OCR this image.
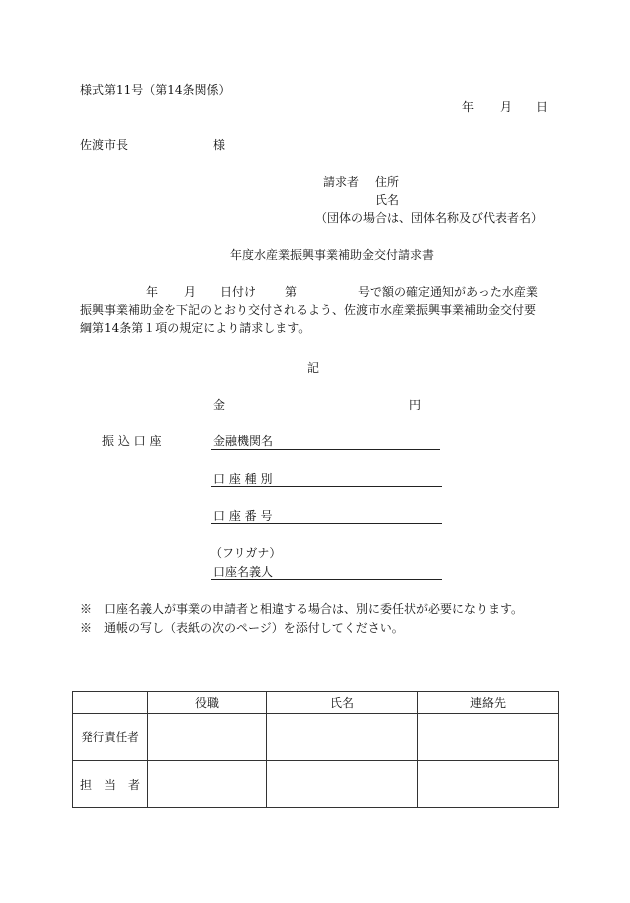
様式第11号（第14条関係）
年 月 日
佐渡市長	様
請求者 住所
氏名
（団体の場合は、団体名称及び代表者名）
年度水産業振興事業補助金交付請求書
年 月 日付け 第	号で額の確定通知があった水産業
振興事業補助金を下記のとおり交付されるよう、佐渡市水産業振興事業補助金交付要
綱第14条第１項の規定により請求します。
記
金	円
振 込 口 座	金融機関名
口 座 種 別
口 座 番 号
（フリガナ）
口座名義人
※　口座名義人が事業の申請者と相違する場合は、別に委任状が必要になります。
※　通帳の写し（表紙の次のページ）を添付してください。
	役職	氏名	連絡先
発行責任者			
担　当　者			
